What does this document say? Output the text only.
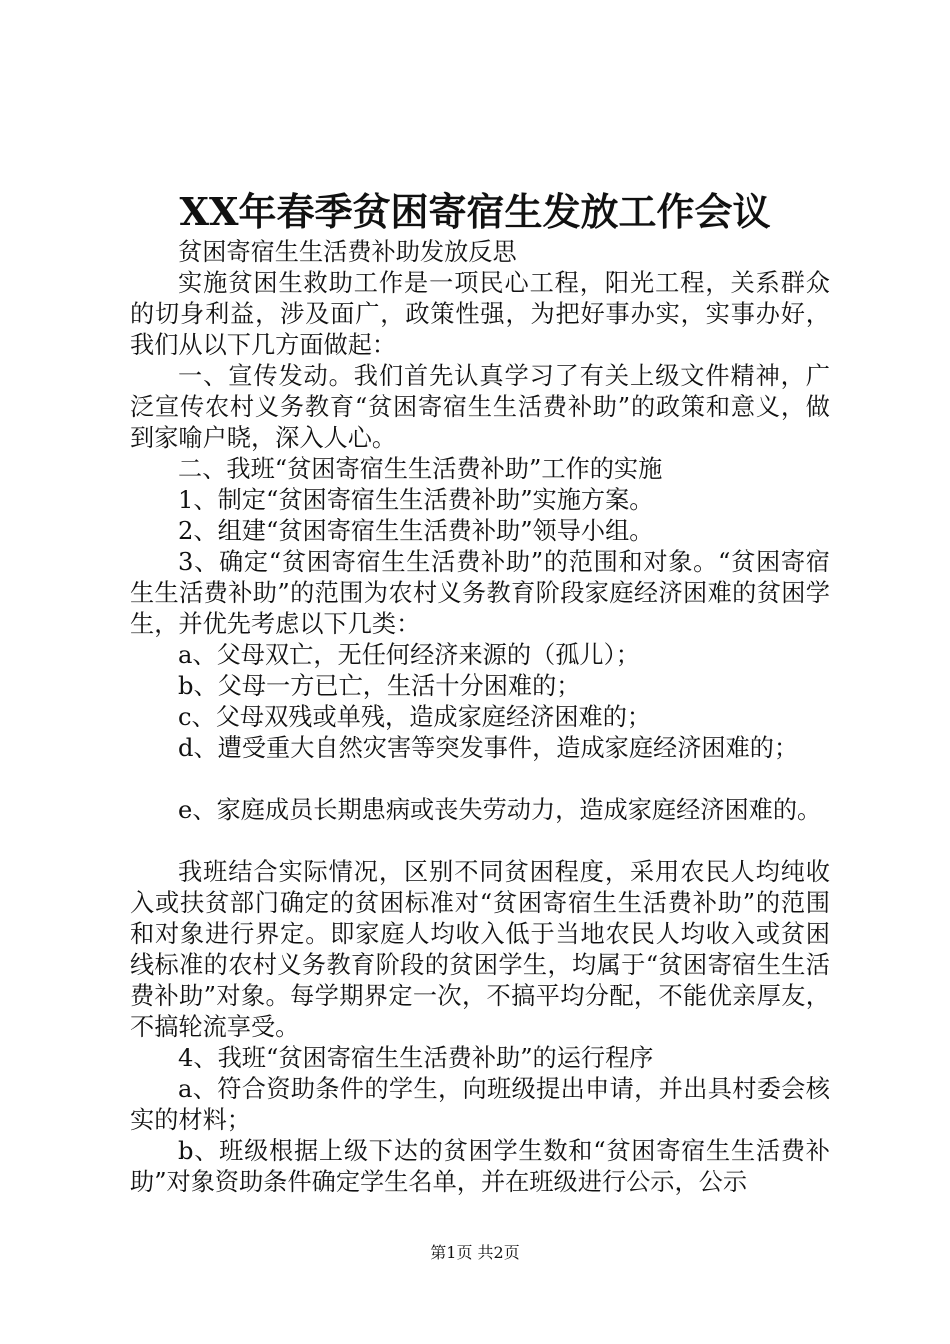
XX年春季贫困寄宿生发放工作会议

贫困寄宿生生活费补助发放反思

实施贫困生救助工作是一项民心工程，阳光工程，关系群众的切身利益，涉及面广，政策性强，为把好事办实，实事办好，我们从以下几方面做起：

一、宣传发动。我们首先认真学习了有关上级文件精神，广泛宣传农村义务教育“贫困寄宿生生活费补助”的政策和意义，做到家喻户晓，深入人心。

二、我班“贫困寄宿生生活费补助”工作的实施

1、制定“贫困寄宿生生活费补助”实施方案。

2、组建“贫困寄宿生生活费补助”领导小组。

3、确定“贫困寄宿生生活费补助”的范围和对象。“贫困寄宿生生活费补助”的范围为农村义务教育阶段家庭经济困难的贫困学生，并优先考虑以下几类：

a、父母双亡，无任何经济来源的（孤儿）；

b、父母一方已亡，生活十分困难的；

c、父母双残或单残，造成家庭经济困难的；

d、遭受重大自然灾害等突发事件，造成家庭经济困难的；

e、家庭成员长期患病或丧失劳动力，造成家庭经济困难的。

我班结合实际情况，区别不同贫困程度，采用农民人均纯收入或扶贫部门确定的贫困标准对“贫困寄宿生生活费补助”的范围和对象进行界定。即家庭人均收入低于当地农民人均收入或贫困线标准的农村义务教育阶段的贫困学生，均属于“贫困寄宿生生活费补助”对象。每学期界定一次，不搞平均分配，不能优亲厚友，不搞轮流享受。

4、我班“贫困寄宿生生活费补助”的运行程序

a、符合资助条件的学生，向班级提出申请，并出具村委会核实的材料；

b、班级根据上级下达的贫困学生数和“贫困寄宿生生活费补助”对象资助条件确定学生名单，并在班级进行公示，公示

第1页 共2页
